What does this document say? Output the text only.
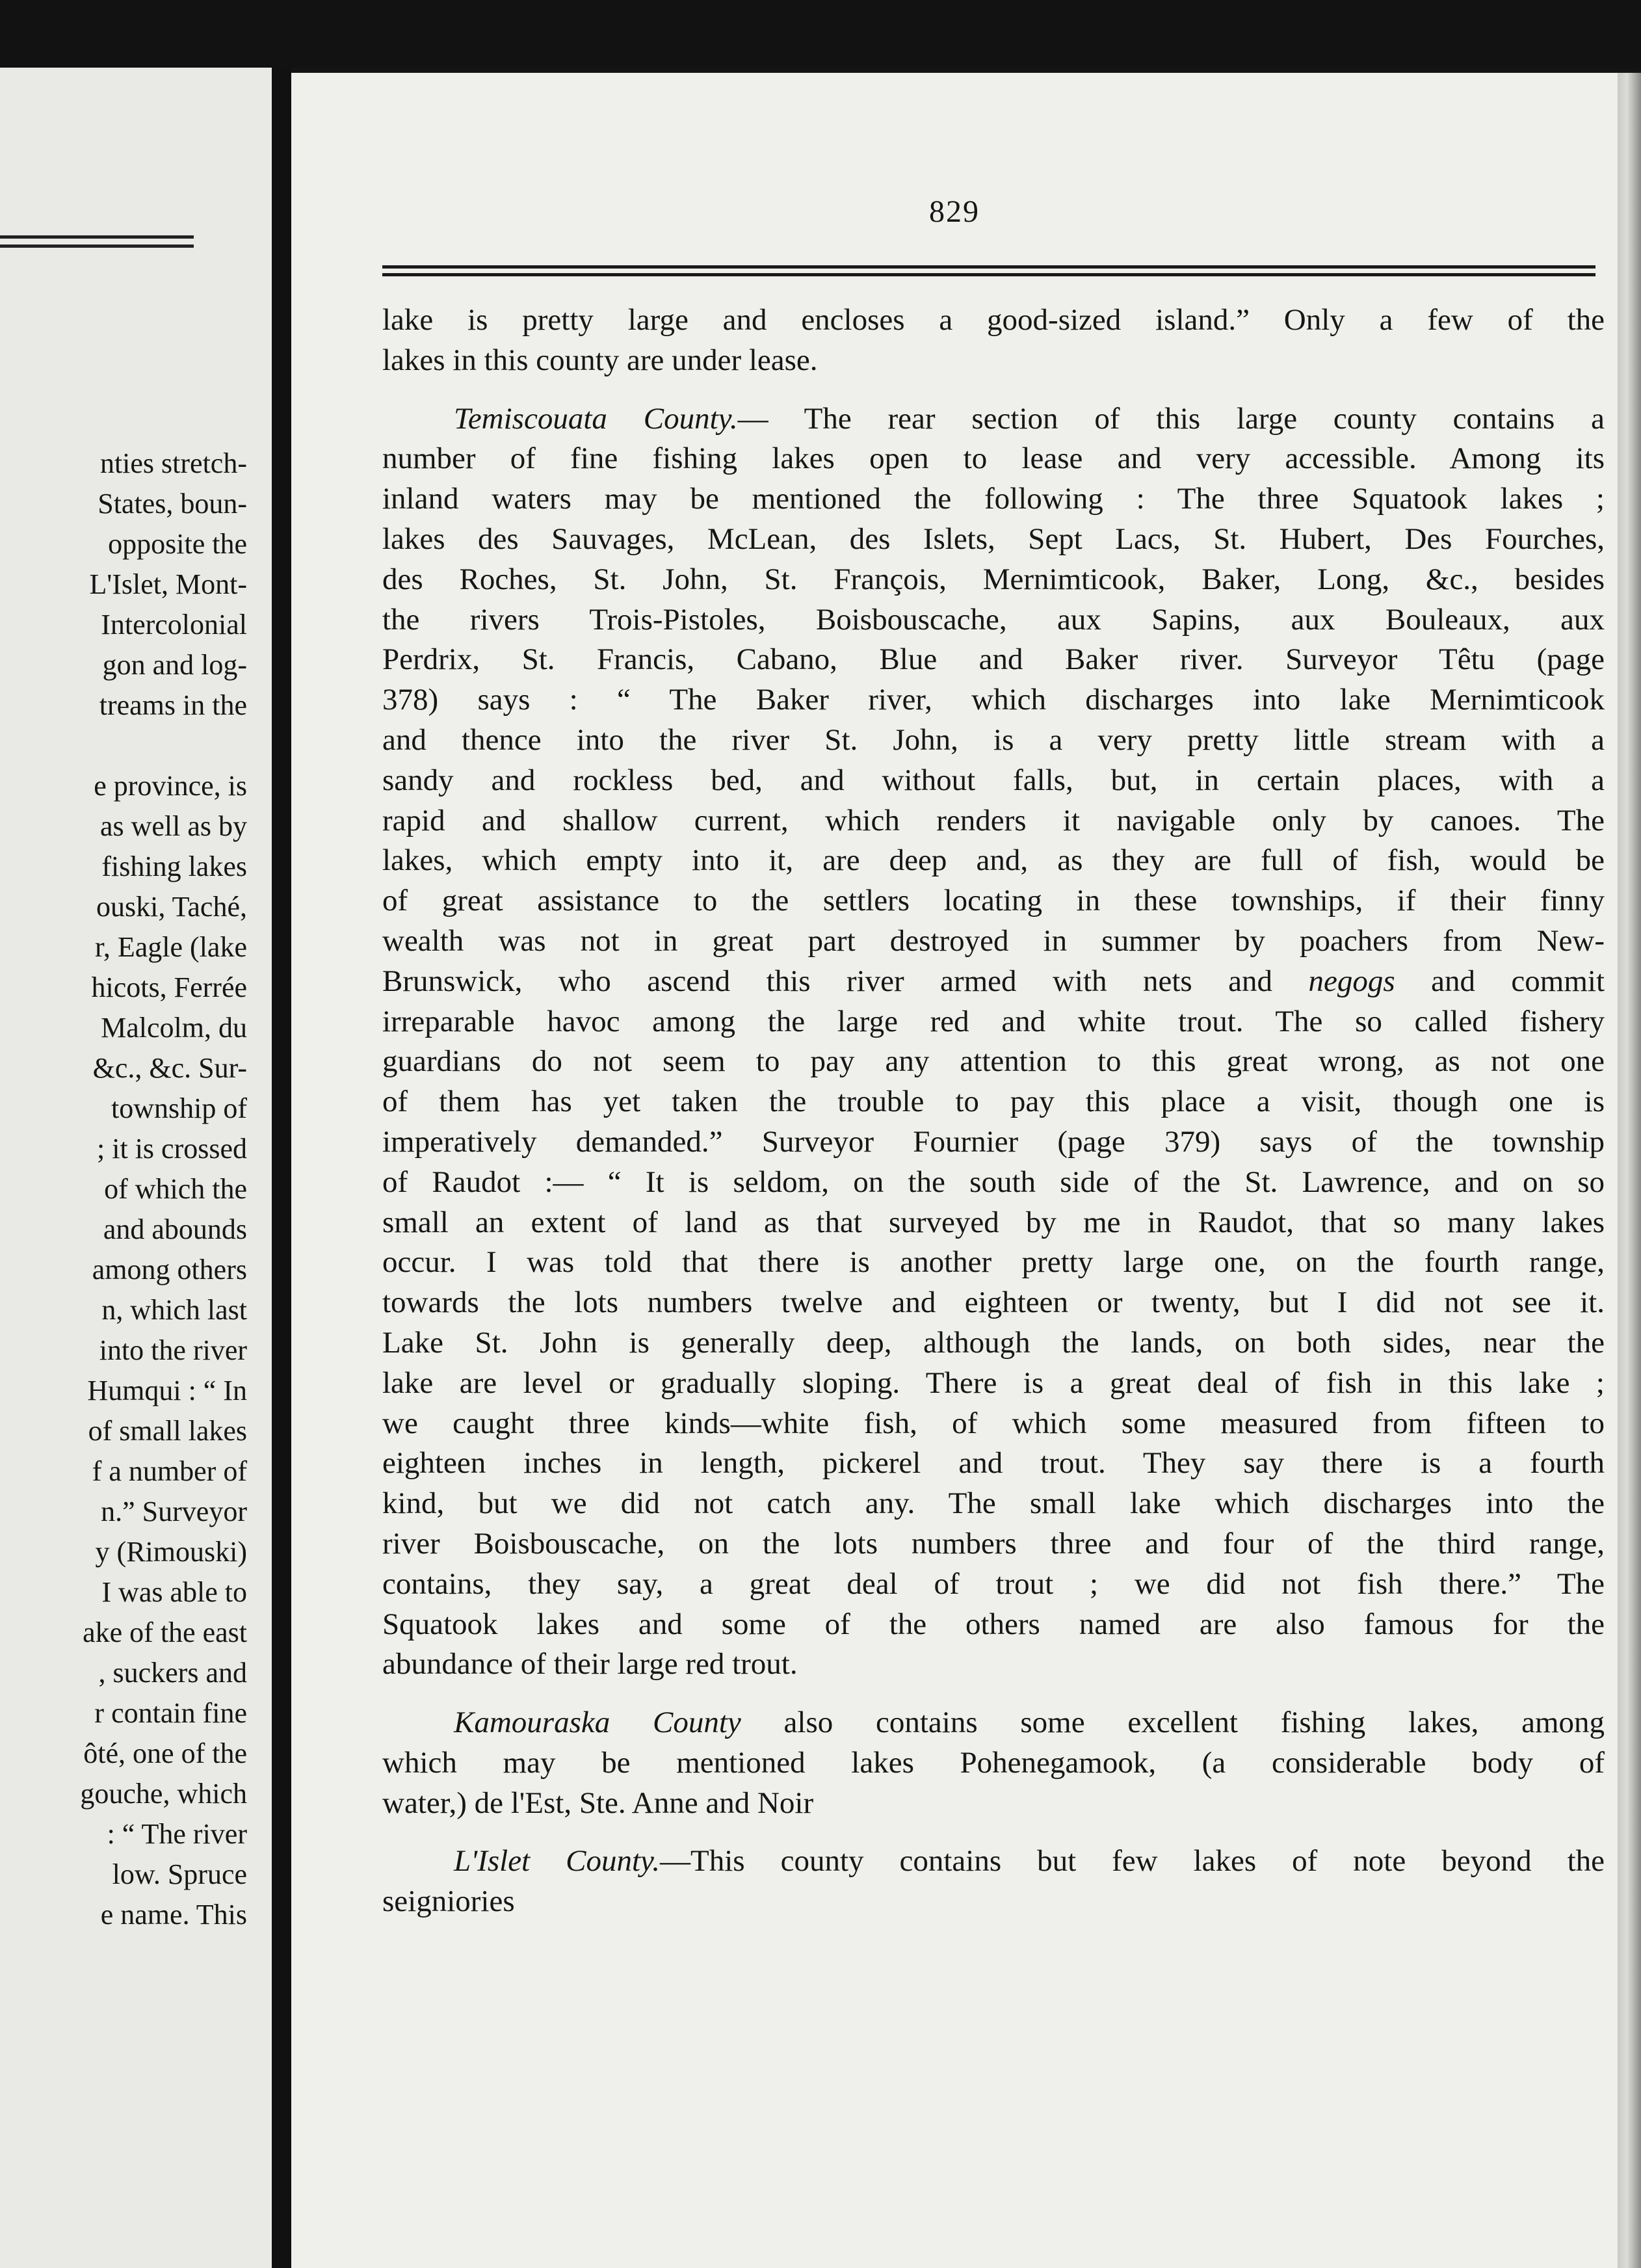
nties stretch-
States, boun-
opposite the
L'Islet, Mont-
Intercolonial
gon and log-
treams in the
e province, is
as well as by
fishing lakes
ouski, Taché,
r, Eagle (lake
hicots, Ferrée
Malcolm, du
&c., &c. Sur-
township of
; it is crossed
of which the
and abounds
among others
n, which last
into the river
Humqui : “ In
of small lakes
f a number of
n.” Surveyor
y (Rimouski)
I was able to
ake of the east
, suckers and
r contain fine
ôté, one of the
gouche, which
: “ The river
low. Spruce
e name. This
829
lake is pretty large and encloses a good-sized island.” Only a few of the
lakes in this county are under lease.
Temiscouata County.— The rear section of this large county contains a
number of fine fishing lakes open to lease and very accessible. Among its
inland waters may be mentioned the following : The three Squatook lakes ;
lakes des Sauvages, McLean, des Islets, Sept Lacs, St. Hubert, Des Fourches,
des Roches, St. John, St. François, Mernimticook, Baker, Long, &c., besides
the rivers Trois-Pistoles, Boisbouscache, aux Sapins, aux Bouleaux, aux
Perdrix, St. Francis, Cabano, Blue and Baker river. Surveyor Têtu (page
378) says : “ The Baker river, which discharges into lake Mernimticook
and thence into the river St. John, is a very pretty little stream with a
sandy and rockless bed, and without falls, but, in certain places, with a
rapid and shallow current, which renders it navigable only by canoes. The
lakes, which empty into it, are deep and, as they are full of fish, would be
of great assistance to the settlers locating in these townships, if their finny
wealth was not in great part destroyed in summer by poachers from New-
Brunswick, who ascend this river armed with nets and negogs and commit
irreparable havoc among the large red and white trout. The so called fishery
guardians do not seem to pay any attention to this great wrong, as not one
of them has yet taken the trouble to pay this place a visit, though one is
imperatively demanded.” Surveyor Fournier (page 379) says of the township
of Raudot :— “ It is seldom, on the south side of the St. Lawrence, and on so
small an extent of land as that surveyed by me in Raudot, that so many lakes
occur. I was told that there is another pretty large one, on the fourth range,
towards the lots numbers twelve and eighteen or twenty, but I did not see it.
Lake St. John is generally deep, although the lands, on both sides, near the
lake are level or gradually sloping. There is a great deal of fish in this lake ;
we caught three kinds—white fish, of which some measured from fifteen to
eighteen inches in length, pickerel and trout. They say there is a fourth
kind, but we did not catch any. The small lake which discharges into the
river Boisbouscache, on the lots numbers three and four of the third range,
contains, they say, a great deal of trout ; we did not fish there.” The
Squatook lakes and some of the others named are also famous for the
abundance of their large red trout.
Kamouraska County also contains some excellent fishing lakes, among
which may be mentioned lakes Pohenegamook, (a considerable body of
water,) de l'Est, Ste. Anne and Noir
L'Islet County.—This county contains but few lakes of note beyond the
seigniories
